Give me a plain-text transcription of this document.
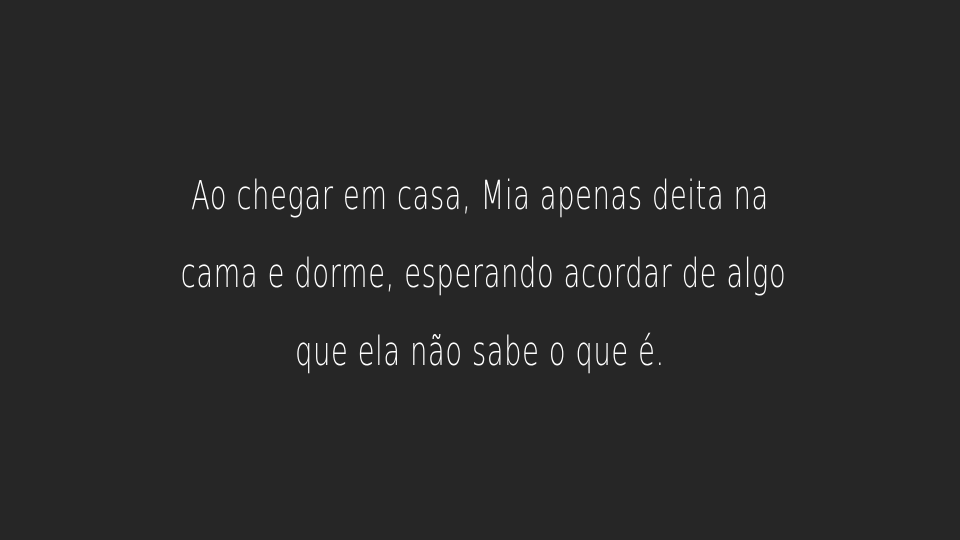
Ao chegar em casa, Mia apenas deita na
cama e dorme, esperando acordar de algo
que ela não sabe o que é.
